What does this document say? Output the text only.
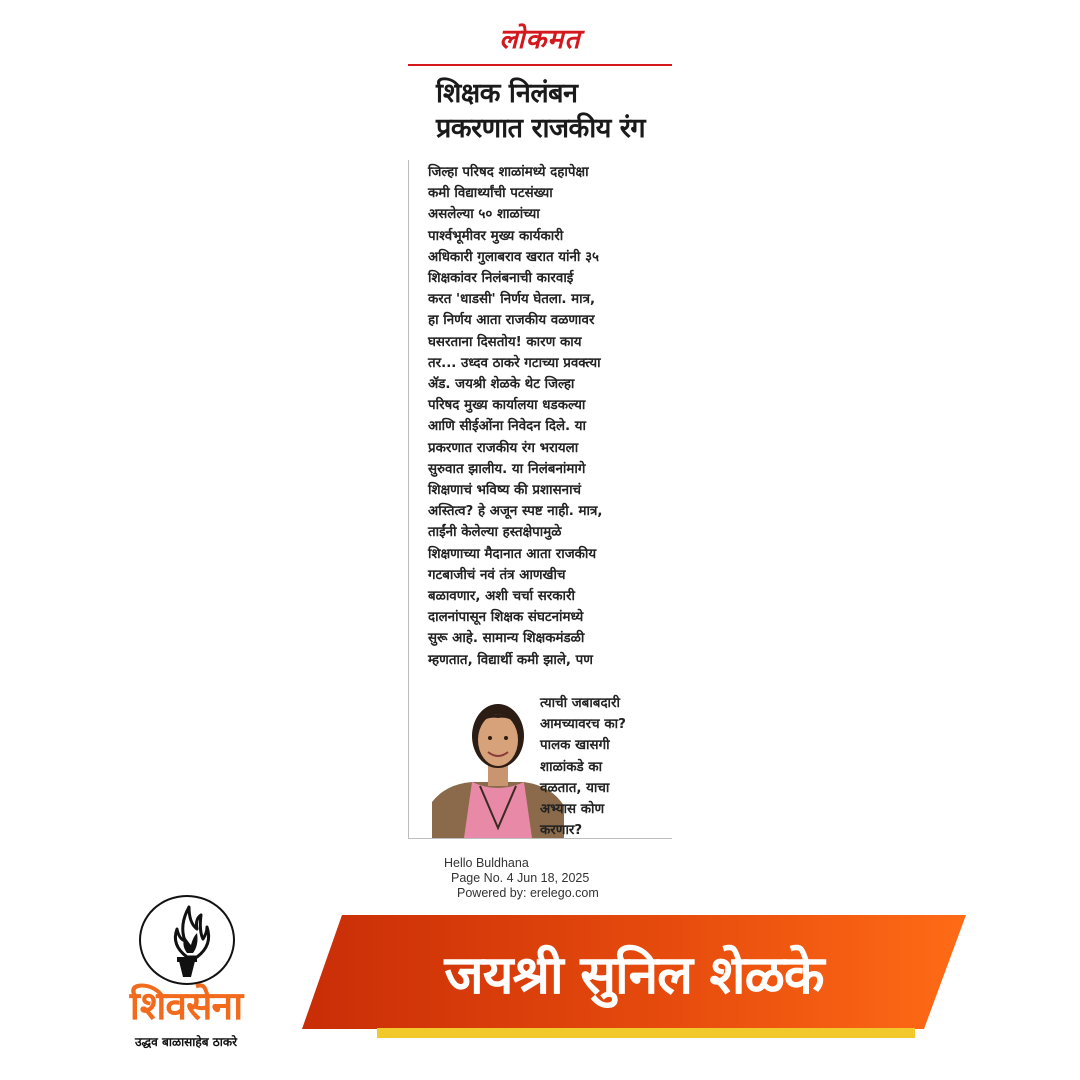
लोकमत
शिक्षक निलंबन
प्रकरणात राजकीय रंग

जिल्हा परिषद शाळांमध्ये दहापेक्षा

कमी विद्यार्थ्यांची पटसंख्या

असलेल्या ५० शाळांच्या

पार्श्वभूमीवर मुख्य कार्यकारी

अधिकारी गुलाबराव खरात यांनी ३५

शिक्षकांवर निलंबनाची कारवाई

करत 'धाडसी' निर्णय घेतला. मात्र,

हा निर्णय आता राजकीय वळणावर

घसरताना दिसतोय! कारण काय

तर... उध्दव ठाकरे गटाच्या प्रवक्त्या

ॲड. जयश्री शेळके थेट जिल्हा

परिषद मुख्य कार्यालया धडकल्या

आणि सीईओंना निवेदन दिले. या

प्रकरणात राजकीय रंग भरायला

सुरुवात झालीय. या निलंबनांमागे

शिक्षणाचं भविष्य की प्रशासनाचं

अस्तित्व? हे अजून स्पष्ट नाही. मात्र,

ताईंनी केलेल्या हस्तक्षेपामुळे

शिक्षणाच्या मैदानात आता राजकीय

गटबाजीचं नवं तंत्र आणखीच

बळावणार, अशी चर्चा सरकारी

दालनांपासून शिक्षक संघटनांमध्ये

सुरू आहे. सामान्य शिक्षकमंडळी

म्हणतात, विद्यार्थी कमी झाले, पण

त्याची जबाबदारी
आमच्यावरच का?
पालक खासगी
शाळांकडे का
वळतात, याचा
अभ्यास कोण
करणार?
Hello Buldhana
Page No. 4 Jun 18, 2025
Powered by: erelego.com
शिवसेना
उद्धव बाळासाहेब ठाकरे
जयश्री सुनिल शेळके
